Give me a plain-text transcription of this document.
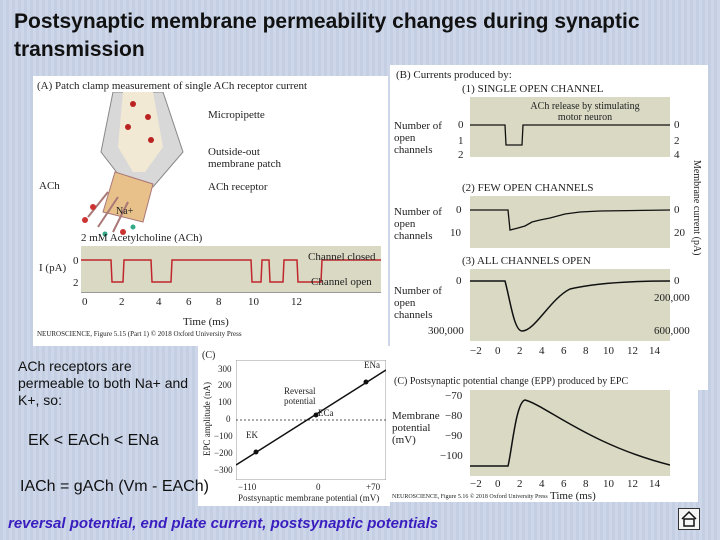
Postsynaptic membrane permeability changes during synaptic transmission
(A) Patch clamp measurement of single ACh receptor current
Micropipette
Outside-out
membrane patch
ACh receptor
ACh
Na+
2 mM Acetylcholine (ACh)
Channel closed
Channel open
I (pA)
0
2
0	2	4 6 8 10	12
Time (ms)
NEUROSCIENCE, Figure 5.15 (Part 1) © 2018 Oxford University Press
(B) Currents produced by:
(1) SINGLE OPEN CHANNEL
ACh release by stimulating motor neuron
Number of open channels
0
1
2
0
2
4
(2) FEW OPEN CHANNELS
Number of open channels
0
10
0
20
(3) ALL CHANNELS OPEN
Number of open channels
0
300,000
0
200,000
600,000
Membrane current (pA)
−2 0 2 4 6 8 10 12 14
(C) Postsynaptic potential change (EPP) produced by EPC
Membrane potential (mV)
−70
−80
−90
−100
−2 0 2 4 6 8 10 12 14
Time (ms)
(C)
EPC amplitude (nA)
300
200
100
0
−100
−200
−300
ENa
Reversal potential
ECa
EK
−110	0	+70
Postsynaptic membrane potential (mV) NEUROSCIENCE, Figure 5.16 © 2018 Oxford University Press
ACh receptors are permeable to both Na+ and K+, so:
EK < EACh < ENa
IACh = gACh (Vm - EACh)
reversal potential, end plate current, postsynaptic potentials
